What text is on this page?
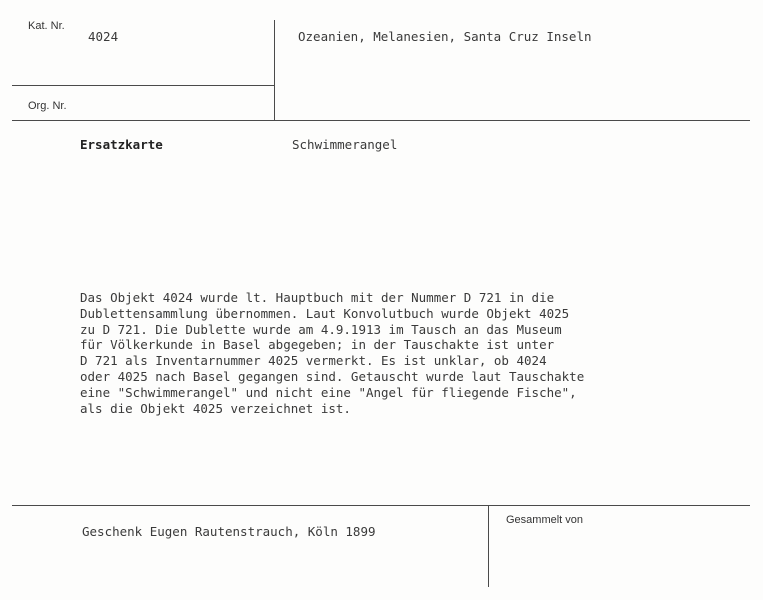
Kat. Nr.
4024	Ozeanien, Melanesien, Santa Cruz Inseln
Org. Nr.
Ersatzkarte	Schwimmerangel
Das Objekt 4024 wurde lt. Hauptbuch mit der Nummer D 721 in die
Dublettensammlung übernommen. Laut Konvolutbuch wurde Objekt 4025
zu D 721. Die Dublette wurde am 4.9.1913 im Tausch an das Museum
für Völkerkunde in Basel abgegeben; in der Tauschakte ist unter
D 721 als Inventarnummer 4025 vermerkt. Es ist unklar, ob 4024
oder 4025 nach Basel gegangen sind. Getauscht wurde laut Tauschakte
eine "Schwimmerangel" und nicht eine "Angel für fliegende Fische",
als die Objekt 4025 verzeichnet ist.
Geschenk Eugen Rautenstrauch, Köln 1899
Gesammelt von
